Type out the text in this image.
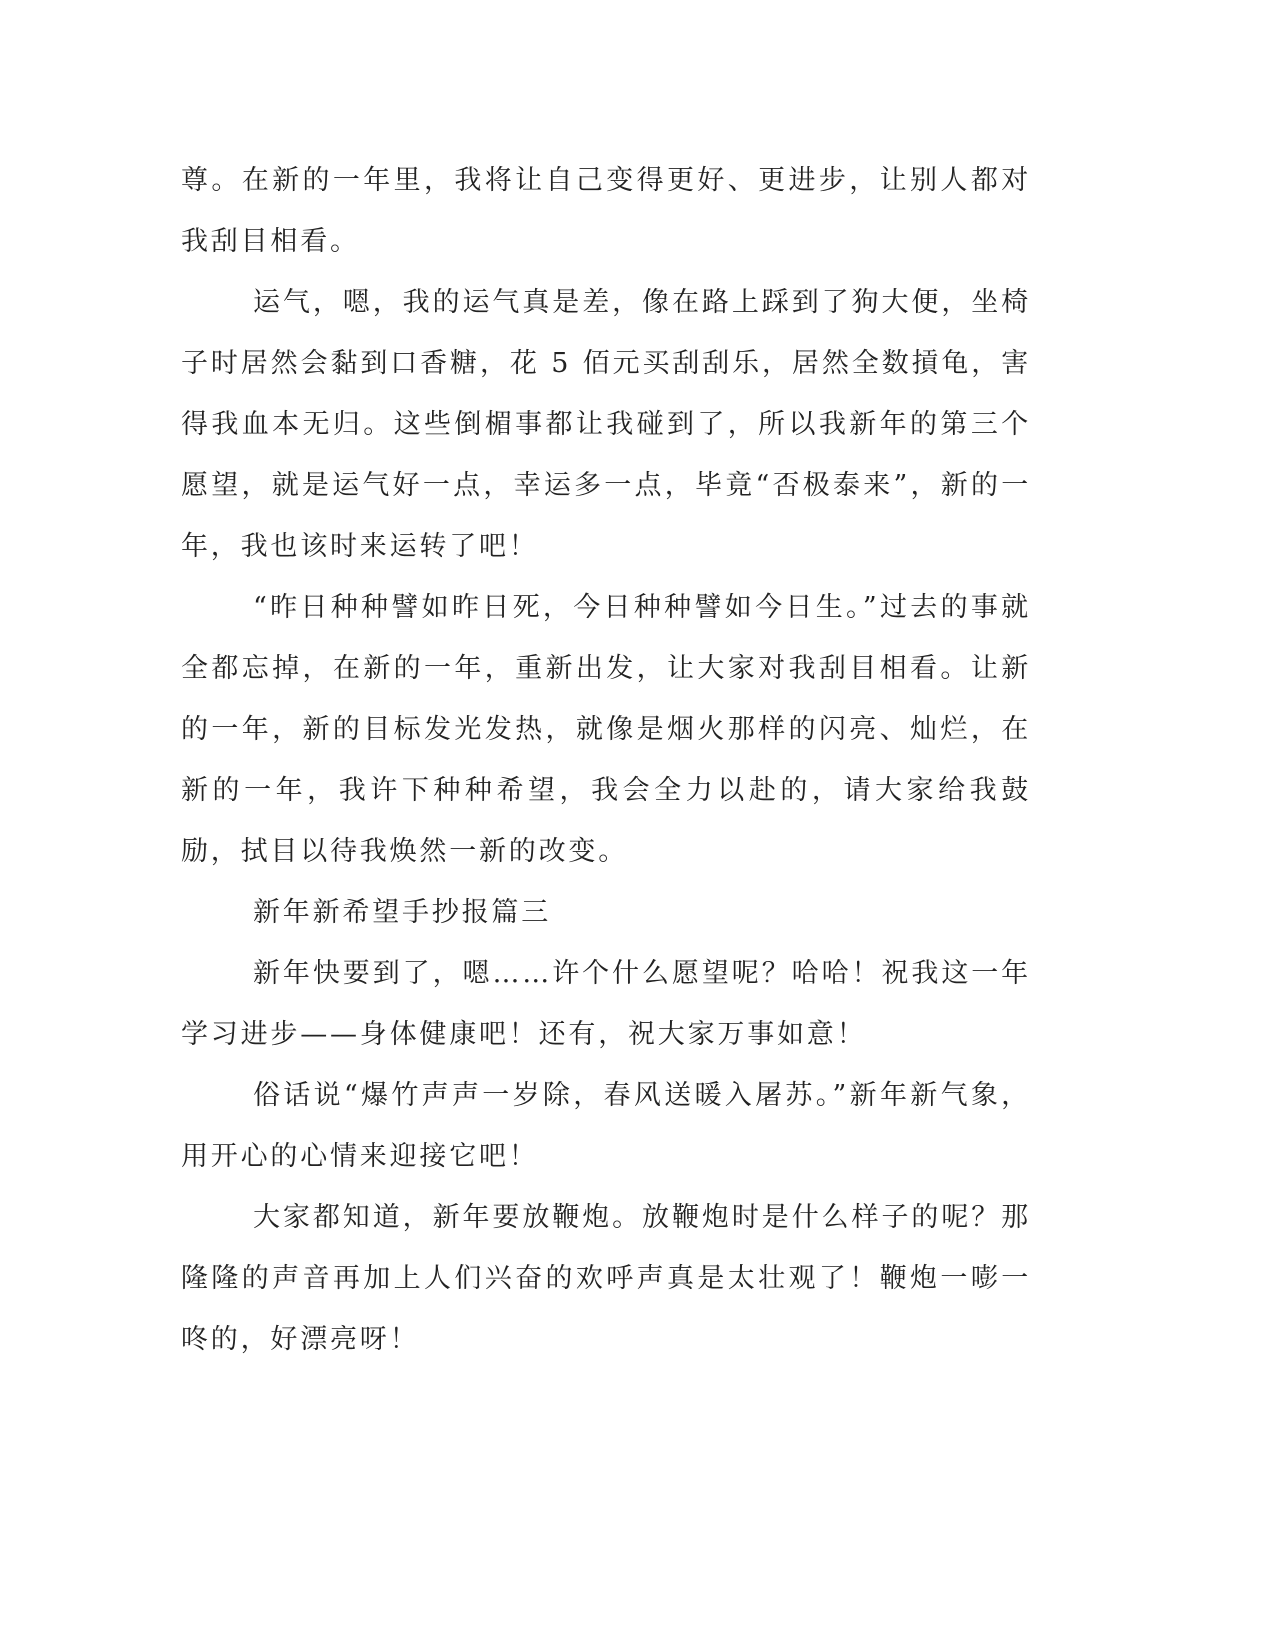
尊。在新的一年里，我将让自己变得更好、更进步，让别人都对我刮目相看。

运气，嗯，我的运气真是差，像在路上踩到了狗大便，坐椅子时居然会黏到口香糖，花 5 佰元买刮刮乐，居然全数摃龟，害得我血本无归。这些倒楣事都让我碰到了，所以我新年的第三个愿望，就是运气好一点，幸运多一点，毕竟“否极泰来”，新的一年，我也该时来运转了吧！

“昨日种种譬如昨日死，今日种种譬如今日生。”过去的事就全都忘掉，在新的一年，重新出发，让大家对我刮目相看。让新的一年，新的目标发光发热，就像是烟火那样的闪亮、灿烂，在新的一年，我许下种种希望，我会全力以赴的，请大家给我鼓励，拭目以待我焕然一新的改变。

新年新希望手抄报篇三

新年快要到了，嗯……许个什么愿望呢？哈哈！祝我这一年学习进步——身体健康吧！还有，祝大家万事如意！

俗话说“爆竹声声一岁除，春风送暖入屠苏。”新年新气象，用开心的心情来迎接它吧！

大家都知道，新年要放鞭炮。放鞭炮时是什么样子的呢？那隆隆的声音再加上人们兴奋的欢呼声真是太壮观了！鞭炮一嘭一咚的，好漂亮呀！
